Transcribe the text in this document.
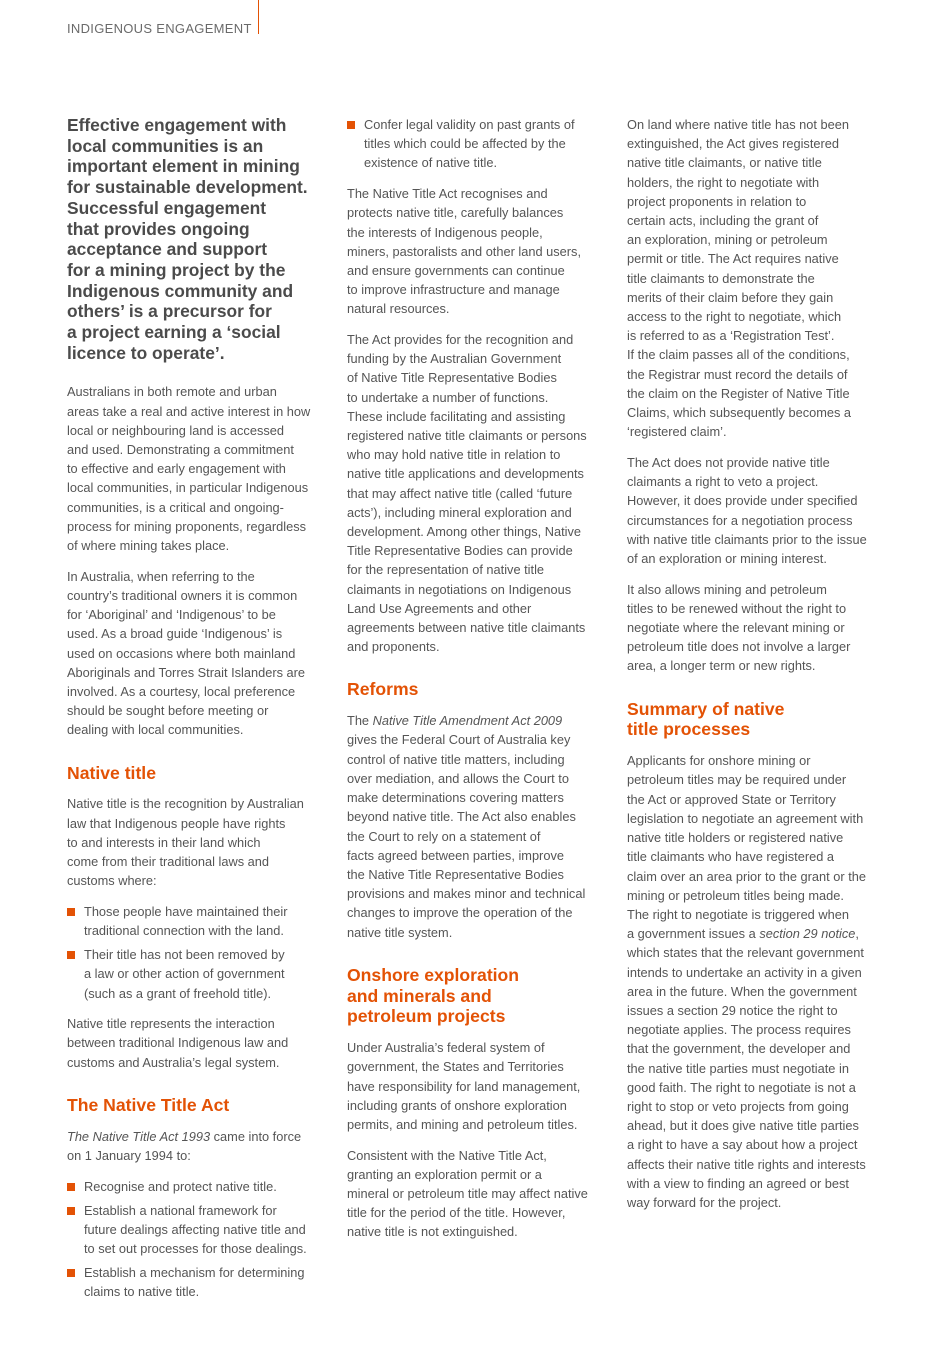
INDIGENOUS ENGAGEMENT
Effective engagement with
local communities is an
important element in mining
for sustainable development.
Successful engagement
that provides ongoing
acceptance and support
for a mining project by the
Indigenous community and
others’ is a precursor for
a project earning a ‘social
licence to operate’.

Australians in both remote and urban
areas take a real and active interest in how
local or neighbouring land is accessed
and used. Demonstrating a commitment
to effective and early engagement with
local communities, in particular Indigenous
communities, is a critical and ongoing-
process for mining proponents, regardless
of where mining takes place.

In Australia, when referring to the
country’s traditional owners it is common
for ‘Aboriginal’ and ‘Indigenous’ to be
used. As a broad guide ‘Indigenous’ is
used on occasions where both mainland
Aboriginals and Torres Strait Islanders are
involved. As a courtesy, local preference
should be sought before meeting or
dealing with local communities.

Native title

Native title is the recognition by Australian
law that Indigenous people have rights
to and interests in their land which
come from their traditional laws and
customs where:

Those people have maintained their
traditional connection with the land.
Their title has not been removed by
a law or other action of government
(such as a grant of freehold title).

Native title represents the interaction
between traditional Indigenous law and
customs and Australia’s legal system.

The Native Title Act

The Native Title Act 1993 came into force
on 1 January 1994 to:

Recognise and protect native title.
Establish a national framework for
future dealings affecting native title and
to set out processes for those dealings.
Establish a mechanism for determining
claims to native title.
Confer legal validity on past grants of
titles which could be affected by the
existence of native title.

The Native Title Act recognises and
protects native title, carefully balances
the interests of Indigenous people,
miners, pastoralists and other land users,
and ensure governments can continue
to improve infrastructure and manage
natural resources.

The Act provides for the recognition and
funding by the Australian Government
of Native Title Representative Bodies
to undertake a number of functions.
These include facilitating and assisting
registered native title claimants or persons
who may hold native title in relation to
native title applications and developments
that may affect native title (called ‘future
acts’), including mineral exploration and
development. Among other things, Native
Title Representative Bodies can provide
for the representation of native title
claimants in negotiations on Indigenous
Land Use Agreements and other
agreements between native title claimants
and proponents.

Reforms

The Native Title Amendment Act 2009
gives the Federal Court of Australia key
control of native title matters, including
over mediation, and allows the Court to
make determinations covering matters
beyond native title. The Act also enables
the Court to rely on a statement of
facts agreed between parties, improve
the Native Title Representative Bodies
provisions and makes minor and technical
changes to improve the operation of the
native title system.

Onshore exploration
and minerals and
petroleum projects

Under Australia’s federal system of
government, the States and Territories
have responsibility for land management,
including grants of onshore exploration
permits, and mining and petroleum titles.

Consistent with the Native Title Act,
granting an exploration permit or a
mineral or petroleum title may affect native
title for the period of the title. However,
native title is not extinguished.

On land where native title has not been
extinguished, the Act gives registered
native title claimants, or native title
holders, the right to negotiate with
project proponents in relation to
certain acts, including the grant of
an exploration, mining or petroleum
permit or title. The Act requires native
title claimants to demonstrate the
merits of their claim before they gain
access to the right to negotiate, which
is referred to as a ‘Registration Test’.
If the claim passes all of the conditions,
the Registrar must record the details of
the claim on the Register of Native Title
Claims, which subsequently becomes a
‘registered claim’.

The Act does not provide native title
claimants a right to veto a project.
However, it does provide under specified
circumstances for a negotiation process
with native title claimants prior to the issue
of an exploration or mining interest.

It also allows mining and petroleum
titles to be renewed without the right to
negotiate where the relevant mining or
petroleum title does not involve a larger
area, a longer term or new rights.

Summary of native
title processes

Applicants for onshore mining or
petroleum titles may be required under
the Act or approved State or Territory
legislation to negotiate an agreement with
native title holders or registered native
title claimants who have registered a
claim over an area prior to the grant or the
mining or petroleum titles being made.
The right to negotiate is triggered when
a government issues a section 29 notice,
which states that the relevant government
intends to undertake an activity in a given
area in the future. When the government
issues a section 29 notice the right to
negotiate applies. The process requires
that the government, the developer and
the native title parties must negotiate in
good faith. The right to negotiate is not a
right to stop or veto projects from going
ahead, but it does give native title parties
a right to have a say about how a project
affects their native title rights and interests
with a view to finding an agreed or best
way forward for the project.
